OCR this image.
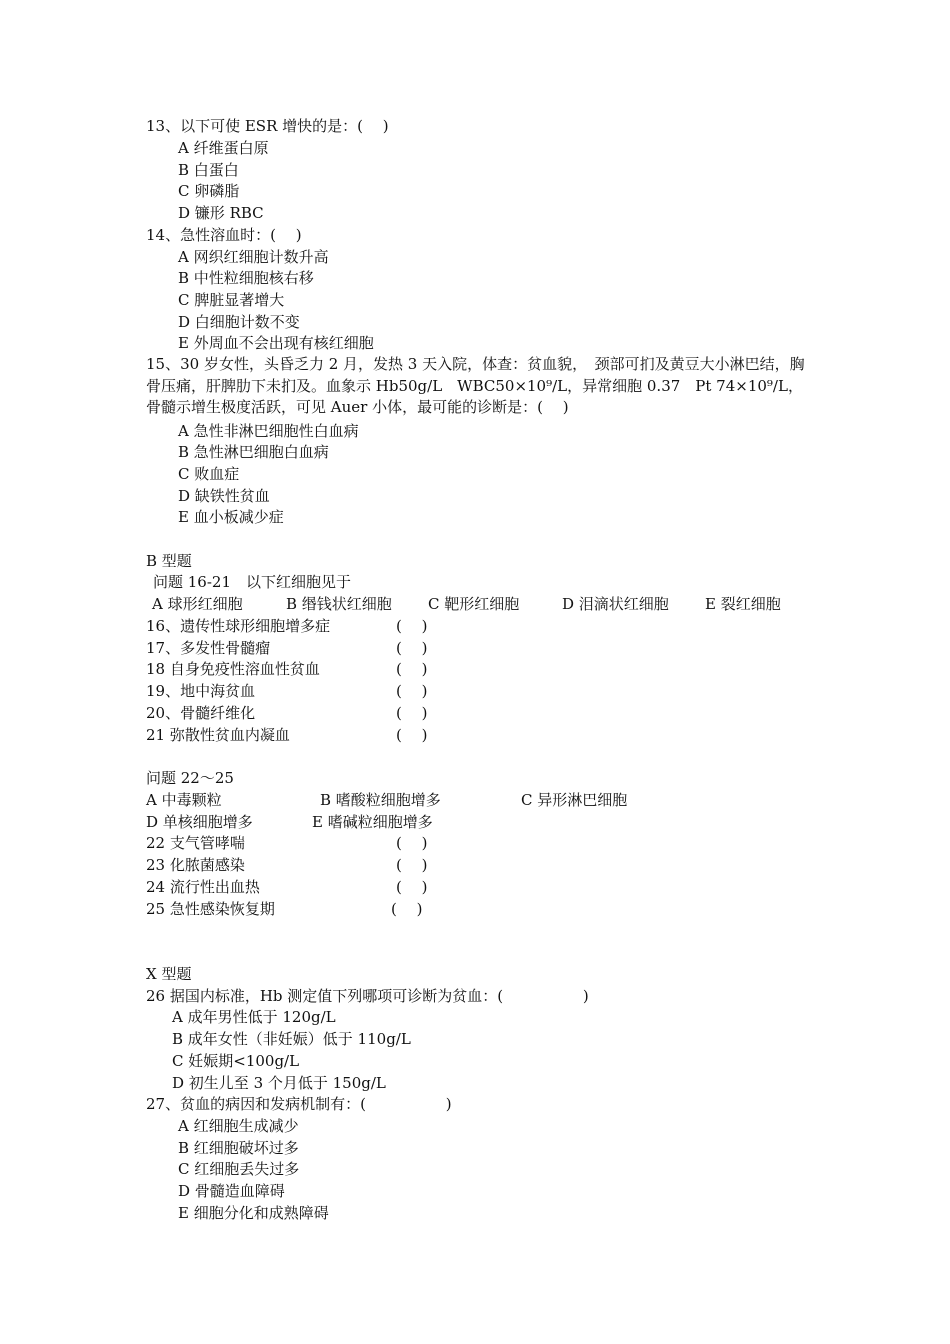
13、以下可使 ESR 增快的是：(　 )
A 纤维蛋白原
B 白蛋白
C 卵磷脂
D 镰形 RBC
14、急性溶血时：(　 )
A 网织红细胞计数升高
B 中性粒细胞核右移
C 脾脏显著增大
D 白细胞计数不变
E 外周血不会出现有核红细胞
15、30 岁女性，头昏乏力 2 月，发热 3 天入院，体查：贫血貌，　颈部可扪及黄豆大小淋巴结，胸骨压痛，肝脾肋下未扪及。血象示 Hb50g/L　WBC50×10⁹/L，异常细胞 0.37　Pt 74×10⁹/L，骨髓示增生极度活跃，可见 Auer 小体，最可能的诊断是：(　 )
A 急性非淋巴细胞性白血病
B 急性淋巴细胞白血病
C 败血症
D 缺铁性贫血
E 血小板减少症
B 型题
问题 16-21　以下红细胞见于
A 球形红细胞	B 缗钱状红细胞 C 靶形红细胞	D 泪滴状红细胞 E 裂红细胞
16、遗传性球形细胞增多症	(　 )
17、多发性骨髓瘤	(　 )
18 自身免疫性溶血性贫血	(　 )
19、地中海贫血	(　 )
20、骨髓纤维化	(　 )
21 弥散性贫血内凝血	(　 )
问题 22～25
A 中毒颗粒	B 嗜酸粒细胞增多	C 异形淋巴细胞
D 单核细胞增多	E 嗜碱粒细胞增多
22 支气管哮喘	(　 )
23 化脓菌感染	(　 )
24 流行性出血热	(　 )
25 急性感染恢复期	(　 )
X 型题
26 据国内标准，Hb 测定值下列哪项可诊断为贫血：(　　　　　 )
A 成年男性低于 120g/L
B 成年女性（非妊娠）低于 110g/L
C 妊娠期<100g/L
D 初生儿至 3 个月低于 150g/L
27、贫血的病因和发病机制有：(　　　　　 )
A 红细胞生成减少
B 红细胞破坏过多
C 红细胞丢失过多
D 骨髓造血障碍
E 细胞分化和成熟障碍
